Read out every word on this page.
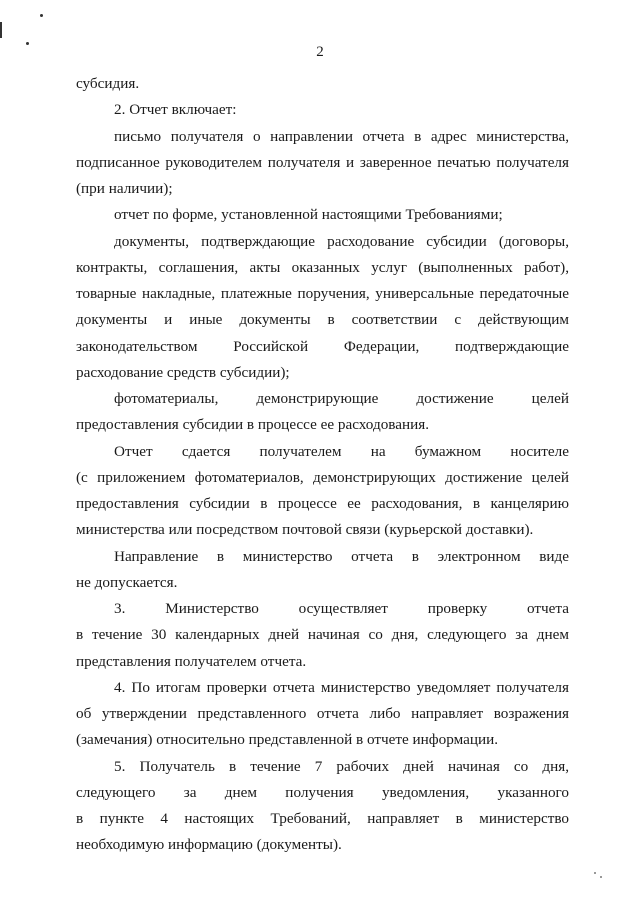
2
субсидия.
2. Отчет включает:
письмо получателя о направлении отчета в адрес министерства,
подписанное руководителем получателя и заверенное печатью получателя
(при наличии);
отчет по форме, установленной настоящими Требованиями;
документы, подтверждающие расходование субсидии (договоры,
контракты, соглашения, акты оказанных услуг (выполненных работ),
товарные накладные, платежные поручения, универсальные передаточные
документы и иные документы в соответствии с действующим
законодательством Российской Федерации, подтверждающие
расходование средств субсидии);
фотоматериалы, демонстрирующие достижение целей
предоставления субсидии в процессе ее расходования.
Отчет сдается получателем на бумажном носителе
(с приложением фотоматериалов, демонстрирующих достижение целей
предоставления субсидии в процессе ее расходования, в канцелярию
министерства или посредством почтовой связи (курьерской доставки).
Направление в министерство отчета в электронном виде
не допускается.
3. Министерство осуществляет проверку отчета
в течение 30 календарных дней начиная со дня, следующего за днем
представления получателем отчета.
4. По итогам проверки отчета министерство уведомляет получателя
об утверждении представленного отчета либо направляет возражения
(замечания) относительно представленной в отчете информации.
5. Получатель в течение 7 рабочих дней начиная со дня,
следующего за днем получения уведомления, указанного
в пункте 4 настоящих Требований, направляет в министерство
необходимую информацию (документы).
